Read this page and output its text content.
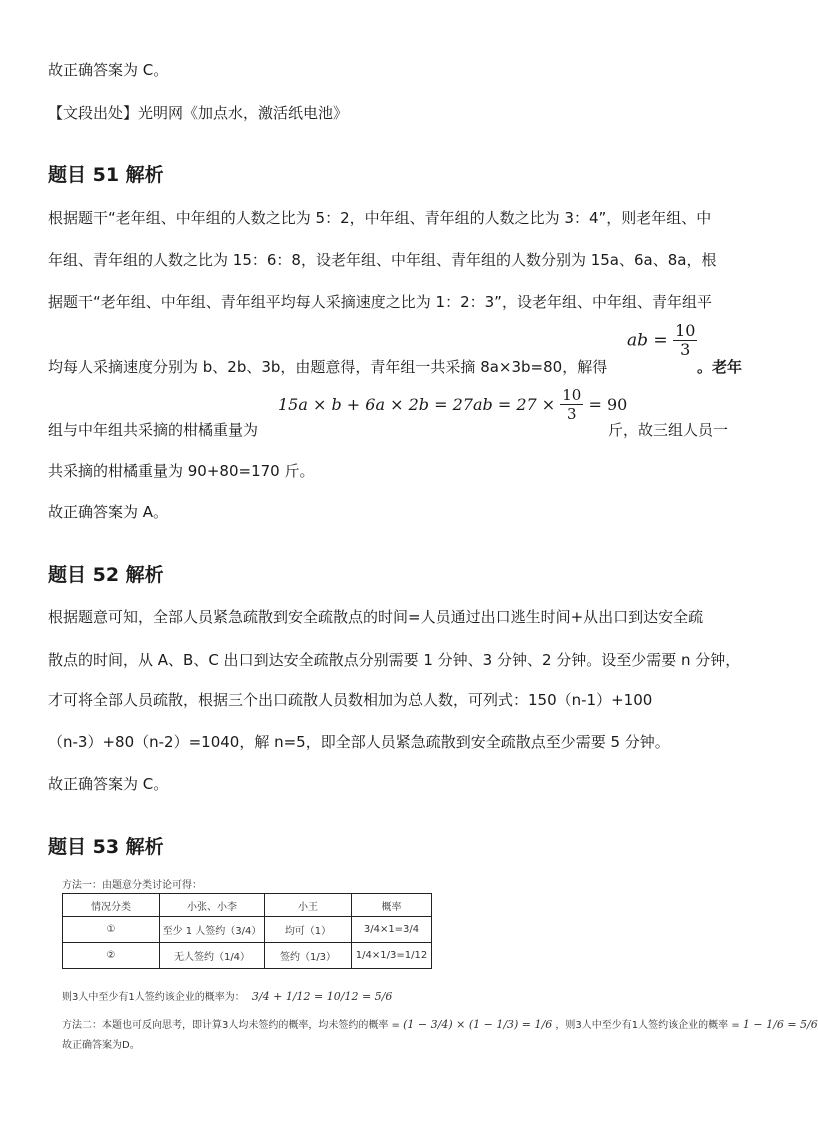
故正确答案为 C。
【文段出处】光明网《加点水，激活纸电池》
题目 51 解析
根据题干“老年组、中年组的人数之比为 5：2，中年组、青年组的人数之比为 3：4”，则老年组、中
年组、青年组的人数之比为 15：6：8，设老年组、中年组、青年组的人数分别为 15a、6a、8a，根
据题干“老年组、中年组、青年组平均每人采摘速度之比为 1：2：3”，设老年组、中年组、青年组平
均每人采摘速度分别为 b、2b、3b，由题意得，青年组一共采摘 8a×3b=80，解得
ab = $\frac{10}{3}$
。老年
组与中年组共采摘的柑橘重量为
$15a \times b + 6a \times 2b = 27ab = 27 \times \frac{10}{3} = 90$
斤，故三组人员一
共采摘的柑橘重量为 90+80=170 斤。
故正确答案为 A。
题目 52 解析
根据题意可知，全部人员紧急疏散到安全疏散点的时间=人员通过出口逃生时间+从出口到达安全疏
散点的时间，从 A、B、C 出口到达安全疏散点分别需要 1 分钟、3 分钟、2 分钟。设至少需要 n 分钟，
才可将全部人员疏散，根据三个出口疏散人员数相加为总人数，可列式：150（n-1）+100
（n-3）+80（n-2）=1040，解 n=5，即全部人员紧急疏散到安全疏散点至少需要 5 分钟。
故正确答案为 C。
题目 53 解析
方法一：由题意分类讨论可得：
情况分类	小张、小李	小王	概率
①	至少 1 人签约（3/4）	均可（1）	3/4×1=3/4
②	无人签约（1/4）	签约（1/3）	1/4×1/3=1/12
则3人中至少有1人签约该企业的概率为： 3/4 + 1/12 = 10/12 = 5/6
方法二：本题也可反向思考，即计算3人均未签约的概率，均未签约的概率 = (1 − 3/4) × (1 − 1/3) = 1/6 ，则3人中至少有1人签约该企业的概率 = 1 − 1/6 = 5/6
故正确答案为D。
